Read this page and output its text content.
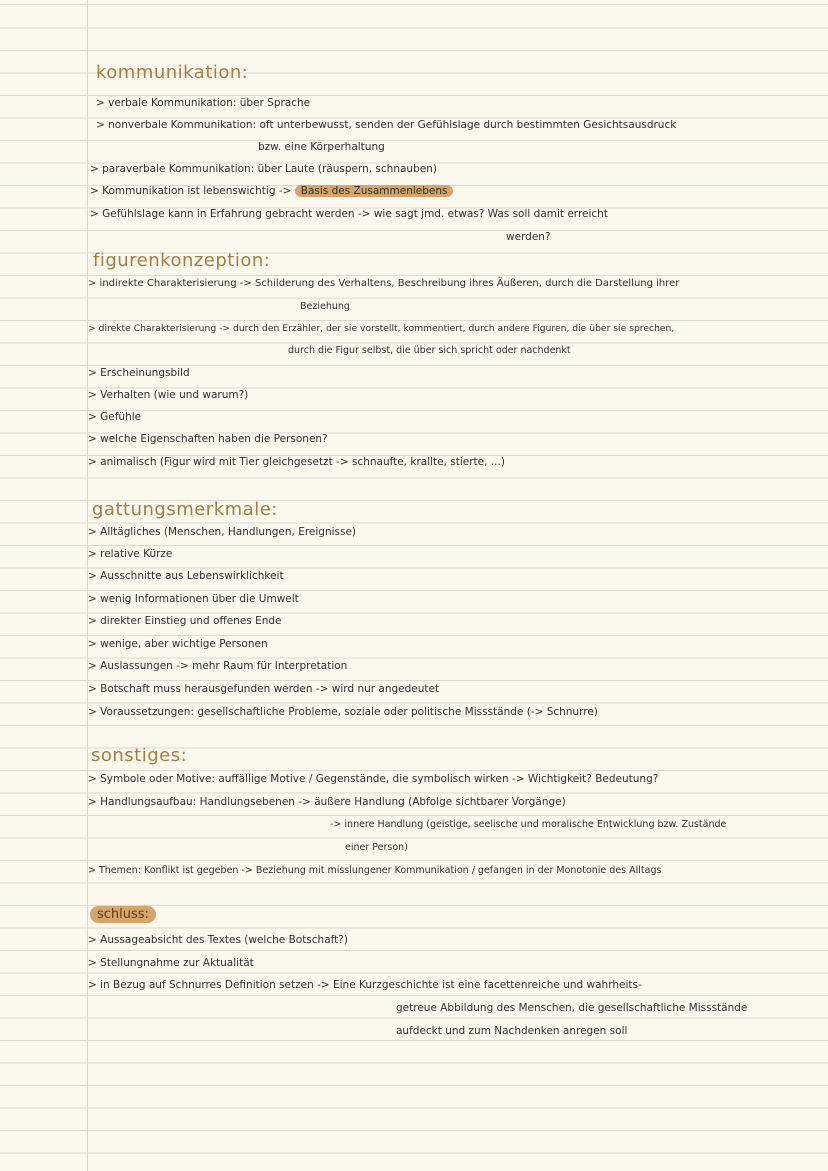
kommunikation:
> verbale Kommunikation: über Sprache
> nonverbale Kommunikation: oft unterbewusst, senden der Gefühlslage durch bestimmten Gesichtsausdruck
bzw. eine Körperhaltung
> paraverbale Kommunikation: über Laute (räuspern, schnauben)
> Kommunikation ist lebenswichtig -> Basis des Zusammenlebens
> Gefühlslage kann in Erfahrung gebracht werden -> wie sagt jmd. etwas? Was soll damit erreicht
werden?
figurenkonzeption:
> indirekte Charakterisierung -> Schilderung des Verhaltens, Beschreibung ihres Äußeren, durch die Darstellung ihrer
Beziehung
> direkte Charakterisierung -> durch den Erzähler, der sie vorstellt, kommentiert, durch andere Figuren, die über sie sprechen,
durch die Figur selbst, die über sich spricht oder nachdenkt
> Erscheinungsbild
> Verhalten (wie und warum?)
> Gefühle
> welche Eigenschaften haben die Personen?
> animalisch (Figur wird mit Tier gleichgesetzt -> schnaufte, krallte, stierte, ...)
gattungsmerkmale:
> Alltägliches (Menschen, Handlungen, Ereignisse)
> relative Kürze
> Ausschnitte aus Lebenswirklichkeit
> wenig Informationen über die Umwelt
> direkter Einstieg und offenes Ende
> wenige, aber wichtige Personen
> Auslassungen -> mehr Raum für Interpretation
> Botschaft muss herausgefunden werden -> wird nur angedeutet
> Voraussetzungen: gesellschaftliche Probleme, soziale oder politische Missstände (-> Schnurre)
sonstiges:
> Symbole oder Motive: auffällige Motive / Gegenstände, die symbolisch wirken -> Wichtigkeit? Bedeutung?
> Handlungsaufbau: Handlungsebenen -> äußere Handlung (Abfolge sichtbarer Vorgänge)
-> innere Handlung (geistige, seelische und moralische Entwicklung bzw. Zustände
einer Person)
> Themen: Konflikt ist gegeben -> Beziehung mit misslungener Kommunikation / gefangen in der Monotonie des Alltags
schluss:
> Aussageabsicht des Textes (welche Botschaft?)
> Stellungnahme zur Aktualität
> in Bezug auf Schnurres Definition setzen -> Eine Kurzgeschichte ist eine facettenreiche und wahrheits-
getreue Abbildung des Menschen, die gesellschaftliche Missstände
aufdeckt und zum Nachdenken anregen soll
